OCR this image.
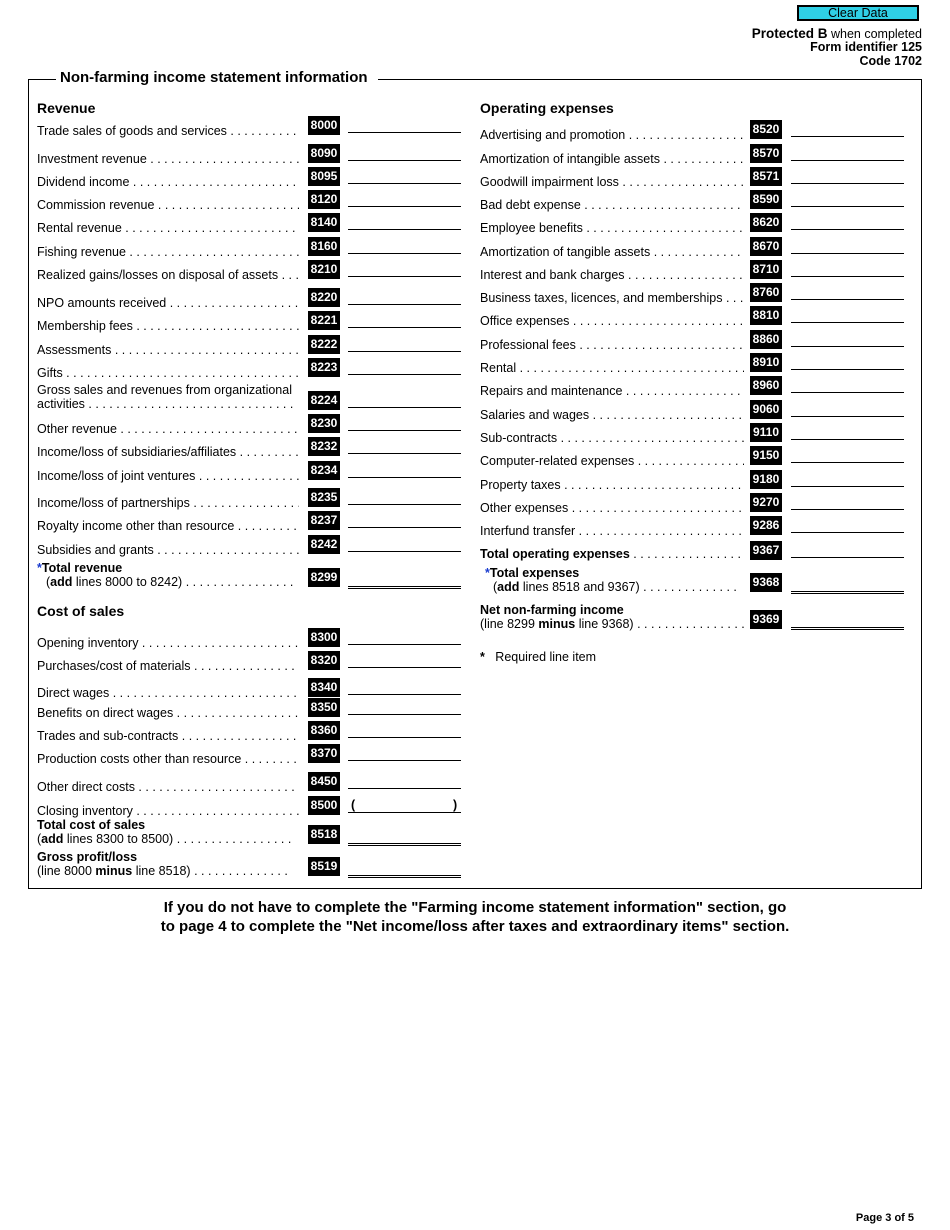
Clear Data
Protected B when completed
Form identifier 125
Code 1702
Non-farming income statement information
Revenue
Trade sales of goods and services . . .	8000
Investment revenue . . .	8090
Dividend income . . .	8095
Commission revenue . . .	8120
Rental revenue . . .	8140
Fishing revenue . . .	8160
Realized gains/losses on disposal of assets . . .	8210
NPO amounts received . . .	8220
Membership fees . . .	8221
Assessments . . .	8222
Gifts . . .	8223
Gross sales and revenues from organizational
activities . . . . . . . . . . . . . . . . . . . . . . . . . . . . . .	8224
Other revenue . . .	8230
Income/loss of subsidiaries/affiliates . . .	8232
Income/loss of joint ventures . . .	8234
Income/loss of partnerships . . .	8235
Royalty income other than resource . . .	8237
Subsidies and grants . . .	8242
*Total revenue
(add lines 8000 to 8242) . . . . . . . . . . . . . . . . 8299
Cost of sales
Opening inventory . . .	8300
Purchases/cost of materials . . .	8320
Direct wages . . .	8340
Benefits on direct wages . . .	8350
Trades and sub-contracts . . .	8360
Production costs other than resource . . .	8370
Other direct costs . . .	8450
Closing inventory . . .	8500 (	)
Total cost of sales
(add lines 8300 to 8500) . . . . . . . . . . . . . . . . . 8518
Gross profit/loss
(line 8000 minus line 8518) . . . . . . . . . . . . . . 8519
Operating expenses
Advertising and promotion . . .	8520
Amortization of intangible assets . . .	8570
Goodwill impairment loss . . .	8571
Bad debt expense . . .	8590
Employee benefits . . .	8620
Amortization of tangible assets . . .	8670
Interest and bank charges . . .	8710
Business taxes, licences, and memberships . . .	8760
Office expenses . . .	8810
Professional fees . . .	8860
Rental . . .	8910
Repairs and maintenance . . .	8960
Salaries and wages . . .	9060
Sub-contracts . . .	9110
Computer-related expenses . . .	9150
Property taxes . . .	9180
Other expenses . . .	9270
Interfund transfer . . .	9286
Total operating expenses . . . . . . . . . . . . . . . . 9367
*Total expenses
(add lines 8518 and 9367) . . . . . . . . . . . . . . 9368
Net non-farming income
(line 8299 minus line 9368) . . . . . . . . . . . . . . . . 9369
* Required line item
If you do not have to complete the "Farming income statement information" section, go
to page 4 to complete the "Net income/loss after taxes and extraordinary items" section.
Page 3 of 5
